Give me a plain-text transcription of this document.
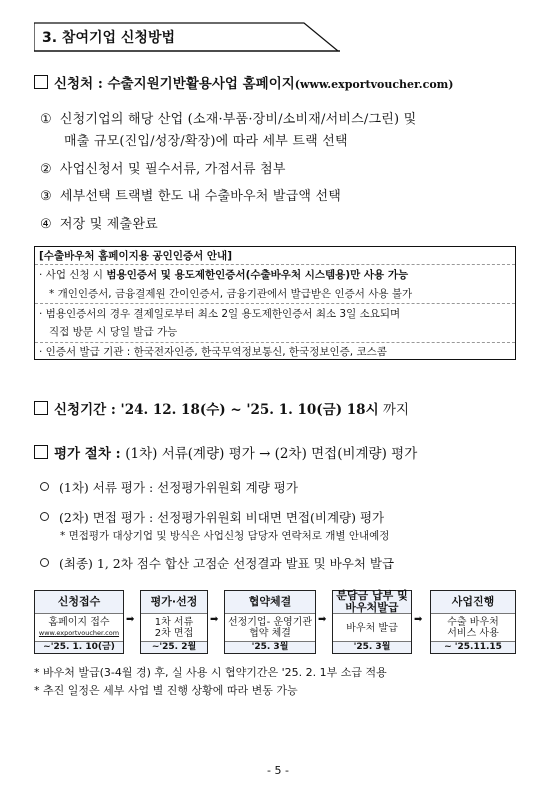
3. 참여기업 신청방법
신청처 : 수출지원기반활용사업 홈페이지(www.exportvoucher.com)
① 신청기업의 해당 산업 (소재·부품·장비/소비재/서비스/그린) 및
매출 규모(진입/성장/확장)에 따라 세부 트랙 선택
② 사업신청서 및 필수서류, 가점서류 첨부
③ 세부선택 트랙별 한도 내 수출바우처 발급액 선택
④ 저장 및 제출완료
[수출바우처 홈페이지용 공인인증서 안내]
· 사업 신청 시 범용인증서 및 용도제한인증서(수출바우처 시스템용)만 사용 가능
* 개인인증서, 금융결제원 간이인증서, 금융기관에서 발급받은 인증서 사용 불가
· 범용인증서의 경우 결제일로부터 최소 2일 용도제한인증서 최소 3일 소요되며
직접 방문 시 당일 발급 가능
· 인증서 발급 기관 : 한국전자인증, 한국무역정보통신, 한국정보인증, 코스콤
신청기간 : '24. 12. 18(수) ~ '25. 1. 10(금) 18시 까지
평가 절차 : (1차) 서류(계량) 평가 → (2차) 면접(비계량) 평가
(1차) 서류 평가 : 선정평가위원회 계량 평가
(2차) 면접 평가 : 선정평가위원회 비대면 면접(비계량) 평가
* 면접평가 대상기업 및 방식은 사업신청 담당자 연락처로 개별 안내예정
(최종) 1, 2차 점수 합산 고점순 선정결과 발표 및 바우처 발급
신청접수
홈페이지 접수
www.exportvoucher.com
~'25. 1. 10(금)
➡
평가·선정
1차 서류
2차 면접
~'25. 2월
➡
협약체결
선정기업- 운영기관
협약 체결
'25. 3월
➡
분담금 납부 및
바우처발급
바우처 발급
'25. 3월
➡
사업진행
수출 바우처
서비스 사용
~ '25.11.15
* 바우처 발급(3-4월 경) 후, 실 사용 시 협약기간은 '25. 2. 1부 소급 적용
* 추진 일정은 세부 사업 별 진행 상황에 따라 변동 가능
- 5 -
